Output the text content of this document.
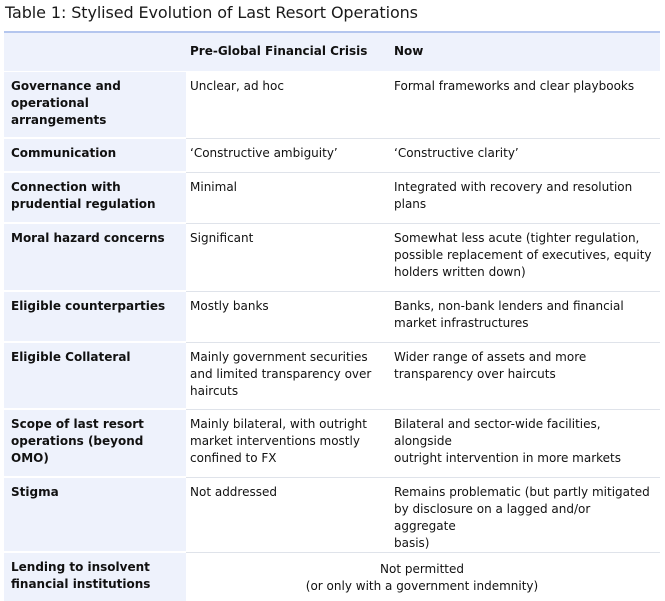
Table 1: Stylised Evolution of Last Resort Operations
	Pre-Global Financial Crisis	Now

Governance and
operational
arrangements	Unclear, ad hoc	Formal frameworks and clear playbooks

Communication	‘Constructive ambiguity’	‘Constructive clarity’

Connection with
prudential regulation	Minimal	Integrated with recovery and resolution
plans

Moral hazard concerns	Significant	Somewhat less acute (tighter regulation,
possible replacement of executives, equity
holders written down)

Eligible counterparties	Mostly banks	Banks, non-bank lenders and financial
market infrastructures

Eligible Collateral	Mainly government securities
and limited transparency over
haircuts	Wider range of assets and more
transparency over haircuts

Scope of last resort
operations (beyond
OMO)	Mainly bilateral, with outright
market interventions mostly
confined to FX	Bilateral and sector-wide facilities, alongside
outright intervention in more markets

Stigma	Not addressed	Remains problematic (but partly mitigated
by disclosure on a lagged and/or aggregate
basis)

Lending to insolvent
financial institutions	Not permitted
(or only with a government indemnity)	
